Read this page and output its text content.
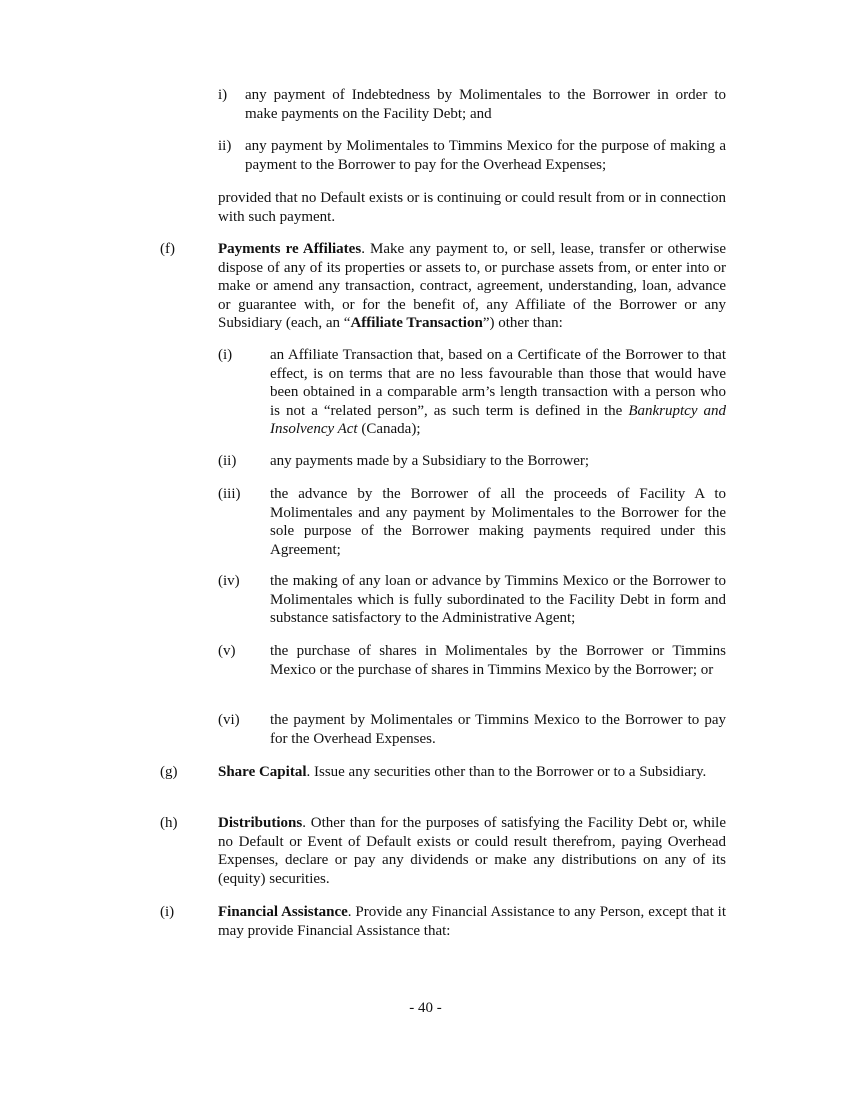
i) any payment of Indebtedness by Molimentales to the Borrower in order to make payments on the Facility Debt; and
ii) any payment by Molimentales to Timmins Mexico for the purpose of making a payment to the Borrower to pay for the Overhead Expenses;
provided that no Default exists or is continuing or could result from or in connection with such payment.
(f)	Payments re Affiliates. Make any payment to, or sell, lease, transfer or otherwise dispose of any of its properties or assets to, or purchase assets from, or enter into or make or amend any transaction, contract, agreement, understanding, loan, advance or guarantee with, or for the benefit of, any Affiliate of the Borrower or any Subsidiary (each, an “Affiliate Transaction”) other than:
(i)	an Affiliate Transaction that, based on a Certificate of the Borrower to that effect, is on terms that are no less favourable than those that would have been obtained in a comparable arm’s length transaction with a person who is not a “related person”, as such term is defined in the Bankruptcy and Insolvency Act (Canada);
(ii) any payments made by a Subsidiary to the Borrower;
(iii) the advance by the Borrower of all the proceeds of Facility A to Molimentales and any payment by Molimentales to the Borrower for the sole purpose of the Borrower making payments required under this Agreement;
(iv) the making of any loan or advance by Timmins Mexico or the Borrower to Molimentales which is fully subordinated to the Facility Debt in form and substance satisfactory to the Administrative Agent;
(v) the purchase of shares in Molimentales by the Borrower or Timmins Mexico or the purchase of shares in Timmins Mexico by the Borrower; or
(vi) the payment by Molimentales or Timmins Mexico to the Borrower to pay for the Overhead Expenses.
(g)	Share Capital. Issue any securities other than to the Borrower or to a Subsidiary.
(h)	Distributions. Other than for the purposes of satisfying the Facility Debt or, while no Default or Event of Default exists or could result therefrom, paying Overhead Expenses, declare or pay any dividends or make any distributions on any of its (equity) securities.
(i)	Financial Assistance. Provide any Financial Assistance to any Person, except that it may provide Financial Assistance that:
- 40 -
